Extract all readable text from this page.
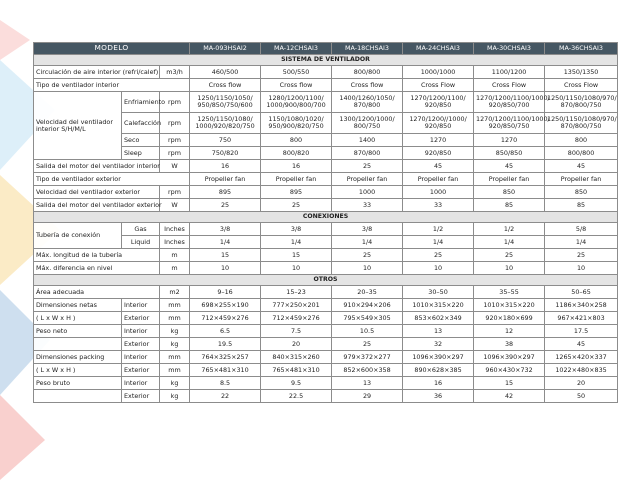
MODELO			MA-09ЗHSAI2	MA-12CHSAI3	MA-18CHSAI3	MA-24CHSAI3	MA-30CHSAI3	MA-36CHSAI3
SISTEMA DE VENTILADOR								
Circulación de aire interior (refri/calef)		m3/h	460/500	500/550	800/800	1000/1000	1100/1200	1350/1350
Tipo de ventilador interior			Cross flow	Cross flow	Cross flow	Cross Flow	Cross Flow	Cross Flow
Velocidad del ventilador interior S/H/M/L	Enfriamiento	rpm	1250/1150/1050/ 950/850/750/600	1280/1200/1100/ 1000/900/800/700	1400/1260/1050/ 870/800	1270/1200/1100/ 920/850	1270/1200/1100/1000/ 920/850/700	1250/1150/1080/970/ 870/800/750
	Calefacción	rpm	1250/1150/1080/ 1000/920/820/750	1150/1080/1020/ 950/900/820/750	1300/1200/1000/ 800/750	1270/1200//1000/ 920/850	1270/1200/1100/1000/ 920/850/750	1250/1150/1080/970/ 870/800/750
	Seco	rpm	750	800	1400	1270	1270	800
	Sleep	rpm	750/820	800/820	870/800	920/850	850/850	800/800
Salida del motor del ventilador interior		W	16	16	25	45	45	45
Tipo de ventilador exterior			Propeller fan	Propeller fan	Propeller fan	Propeller fan	Propeller fan	Propeller fan
Velocidad del ventilador exterior		rpm	895	895	1000	1000	850	850
Salida del motor del ventilador exterior		W	25	25	33	33	85	85
CONEXIONES								
Tubería de conexión	Gas	Inches	3/8	3/8	3/8	1/2	1/2	5/8
	Liquid	Inches	1/4	1/4	1/4	1/4	1/4	1/4
Máx. longitud de la tubería		m	15	15	25	25	25	25
Máx. diferencia en nivel		m	10	10	10	10	10	10
OTROS								
Área adecuada		m2	9–16	15–23	20–35	30–50	35–55	50–65
Dimensiones netas	Interior	mm	698×255×190	777×250×201	910×294×206	1010×315×220	1010×315×220	1186×340×258
( L x W x H )	Exterior	mm	712×459×276	712×459×276	795×549×305	853×602×349	920×180×699	967×421×803
Peso neto	Interior	kg	6.5	7.5	10.5	13	12	17.5
	Exterior	kg	19.5	20	25	32	38	45
Dimensiones packing	Interior	mm	764×325×257	840×315×260	979×372×277	1096×390×297	1096×390×297	1265×420×337
( L x W x H )	Exterior	mm	765×481×310	765×481×310	852×600×358	890×628×385	960×430×732	1022×480×835
Peso bruto	Interior	kg	8.5	9.5	13	16	15	20
	Exterior	kg	22	22.5	29	36	42	50
